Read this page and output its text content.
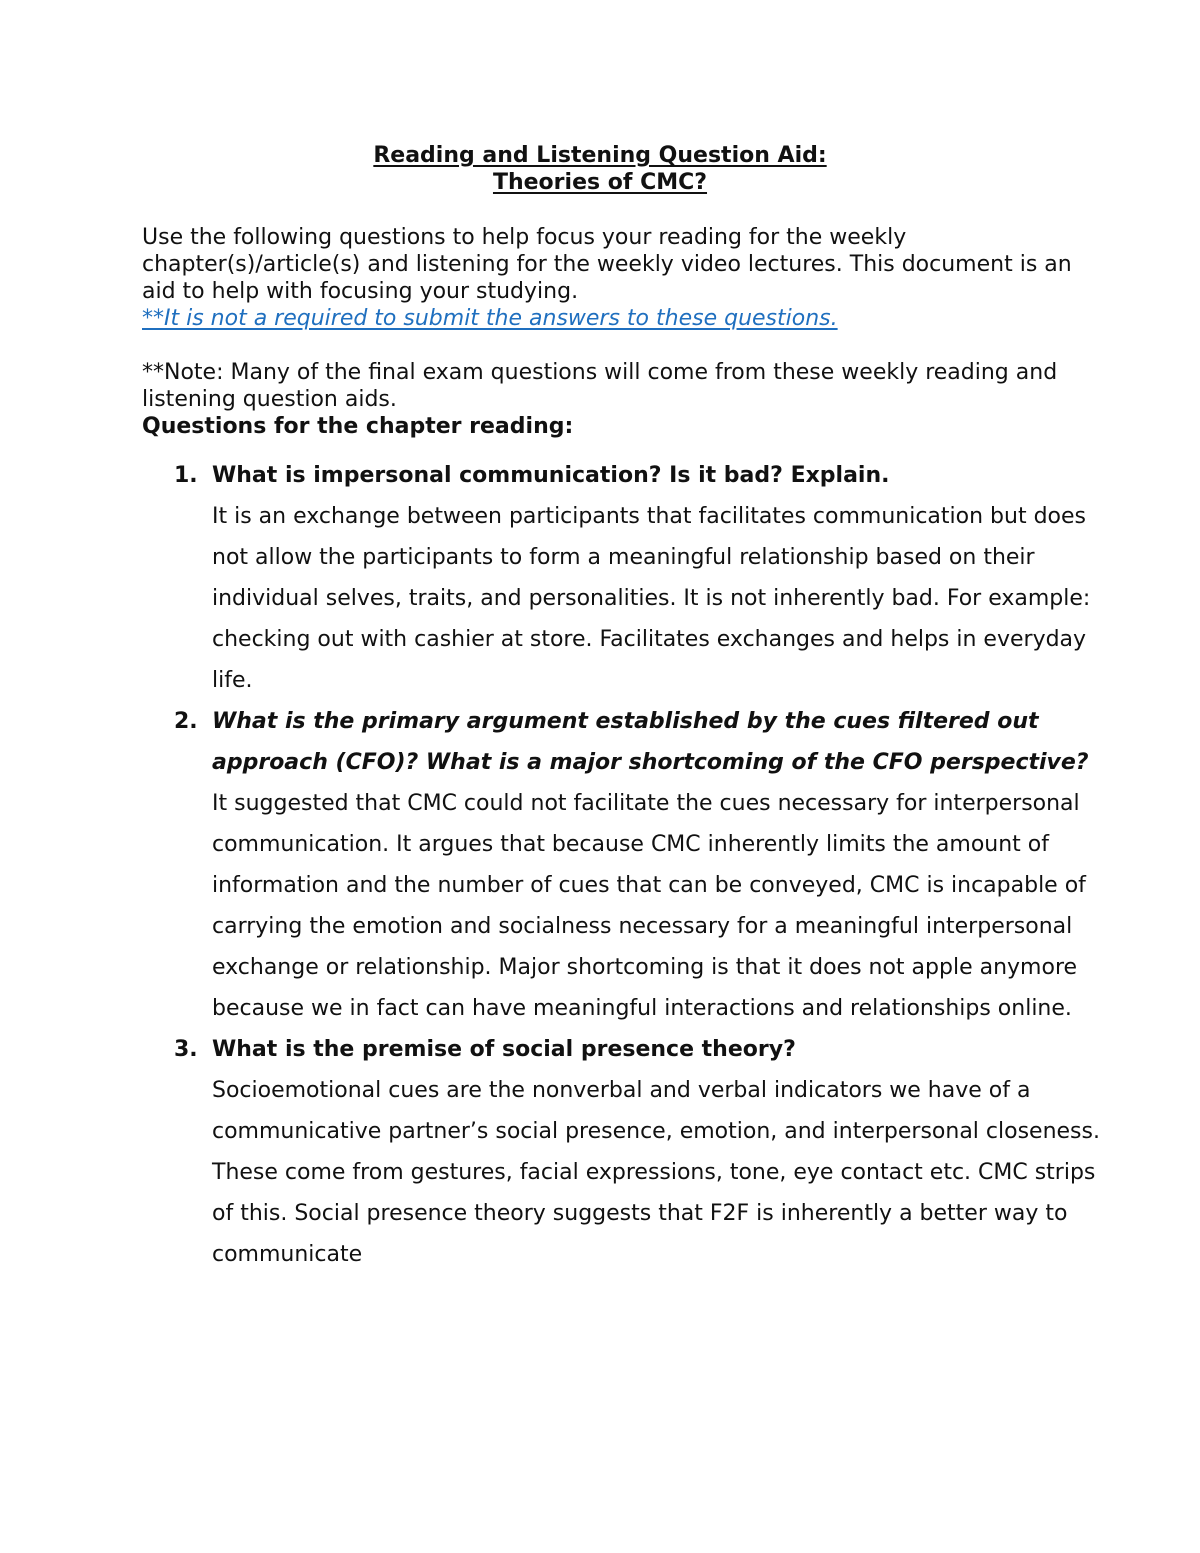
Reading and Listening Question Aid:
Theories of CMC?

Use the following questions to help focus your reading for the weekly chapter(s)/article(s) and listening for the weekly video lectures. This document is an aid to help with focusing your studying.

**It is not a required to submit the answers to these questions.

**Note: Many of the final exam questions will come from these weekly reading and listening question aids.

Questions for the chapter reading:

1. What is impersonal communication? Is it bad? Explain.
It is an exchange between participants that facilitates communication but does not allow the participants to form a meaningful relationship based on their individual selves, traits, and personalities. It is not inherently bad. For example: checking out with cashier at store. Facilitates exchanges and helps in everyday life.
2. What is the primary argument established by the cues filtered out approach (CFO)? What is a major shortcoming of the CFO perspective?
It suggested that CMC could not facilitate the cues necessary for interpersonal communication. It argues that because CMC inherently limits the amount of information and the number of cues that can be conveyed, CMC is incapable of carrying the emotion and socialness necessary for a meaningful interpersonal exchange or relationship. Major shortcoming is that it does not apple anymore because we in fact can have meaningful interactions and relationships online.
3. What is the premise of social presence theory?
Socioemotional cues are the nonverbal and verbal indicators we have of a communicative partner’s social presence, emotion, and interpersonal closeness. These come from gestures, facial expressions, tone, eye contact etc. CMC strips of this. Social presence theory suggests that F2F is inherently a better way to communicate
